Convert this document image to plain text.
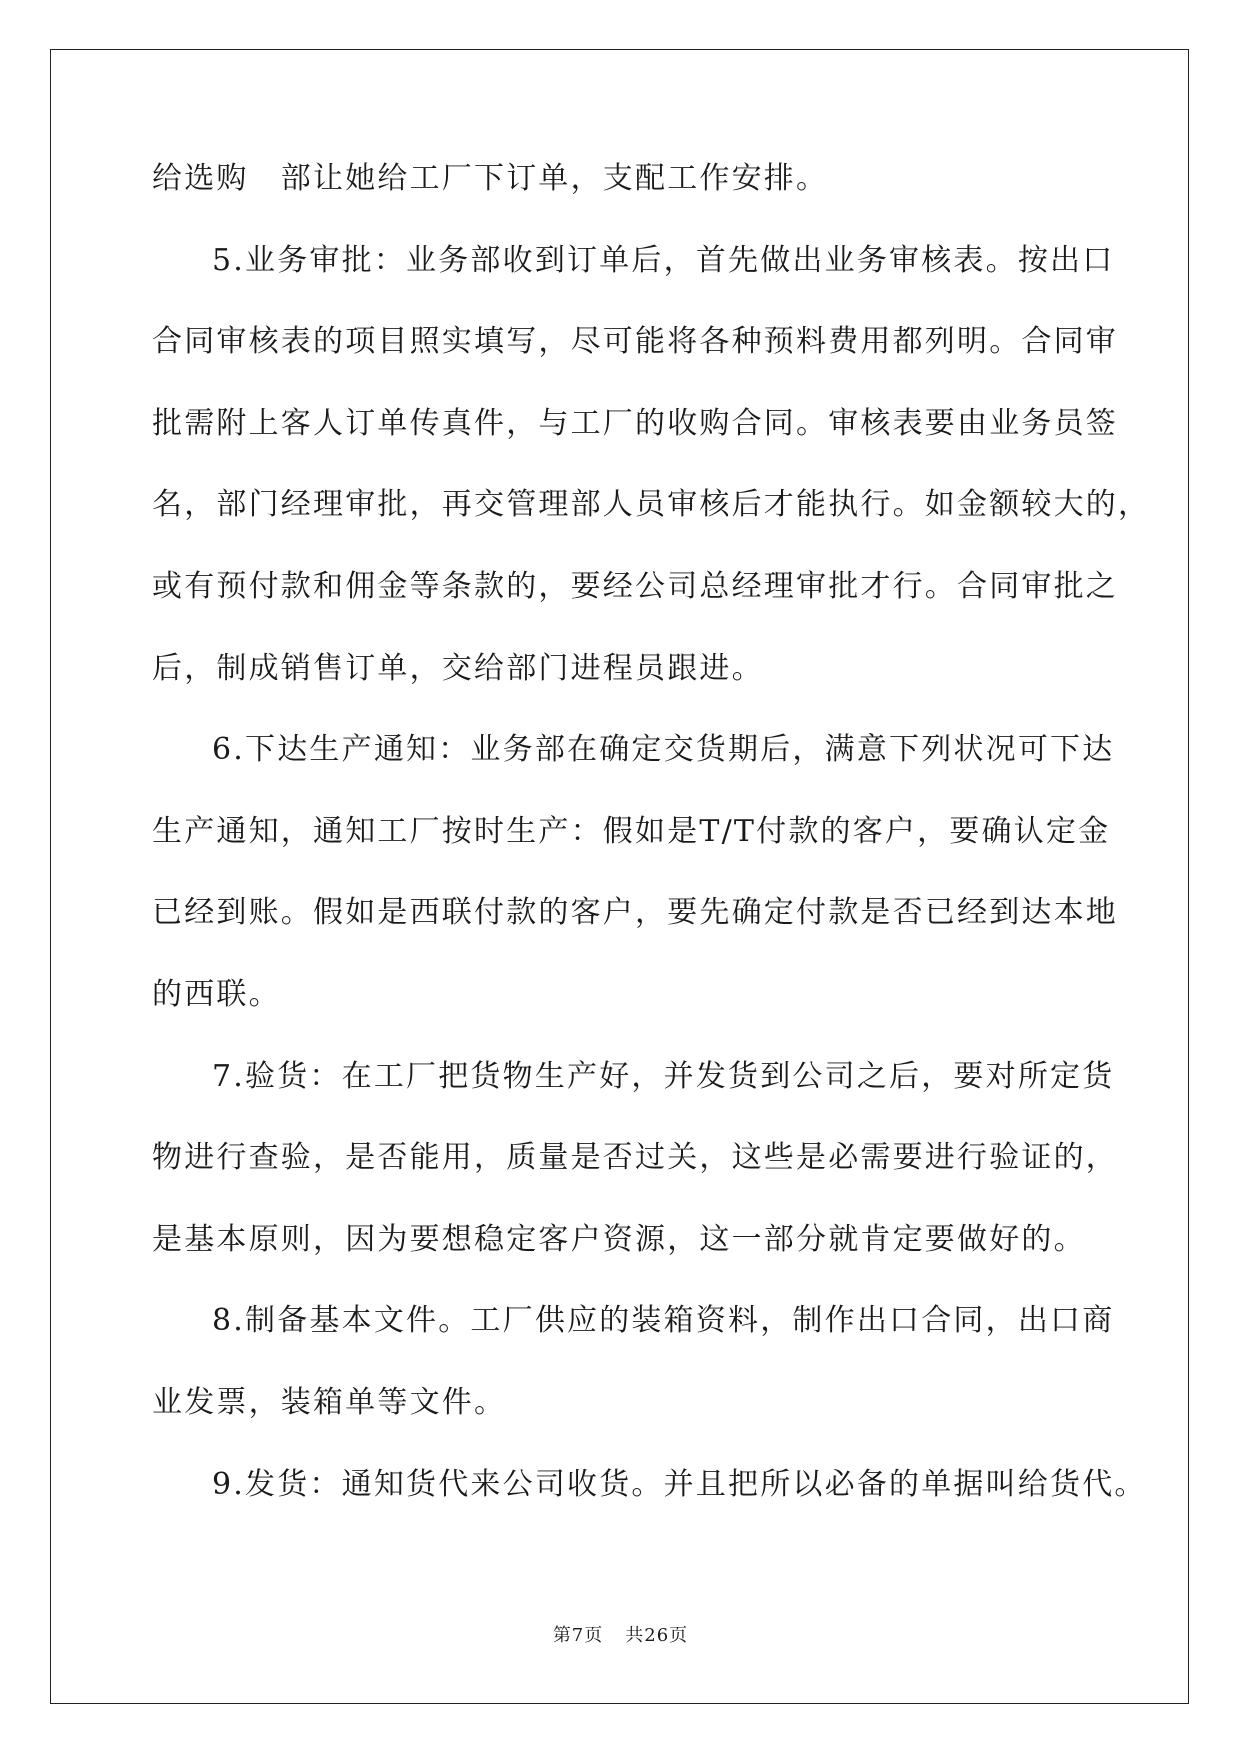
给选购　部让她给工厂下订单，支配工作安排。
5.业务审批：业务部收到订单后，首先做出业务审核表。按出口
合同审核表的项目照实填写，尽可能将各种预料费用都列明。合同审
批需附上客人订单传真件，与工厂的收购合同。审核表要由业务员签
名，部门经理审批，再交管理部人员审核后才能执行。如金额较大的，
或有预付款和佣金等条款的，要经公司总经理审批才行。合同审批之
后，制成销售订单，交给部门进程员跟进。
6.下达生产通知：业务部在确定交货期后，满意下列状况可下达
生产通知，通知工厂按时生产：假如是T/T付款的客户，要确认定金
已经到账。假如是西联付款的客户，要先确定付款是否已经到达本地
的西联。
7.验货：在工厂把货物生产好，并发货到公司之后，要对所定货
物进行查验，是否能用，质量是否过关，这些是必需要进行验证的，
是基本原则，因为要想稳定客户资源，这一部分就肯定要做好的。
8.制备基本文件。工厂供应的装箱资料，制作出口合同，出口商
业发票，装箱单等文件。
9.发货：通知货代来公司收货。并且把所以必备的单据叫给货代。
第7页 共26页
